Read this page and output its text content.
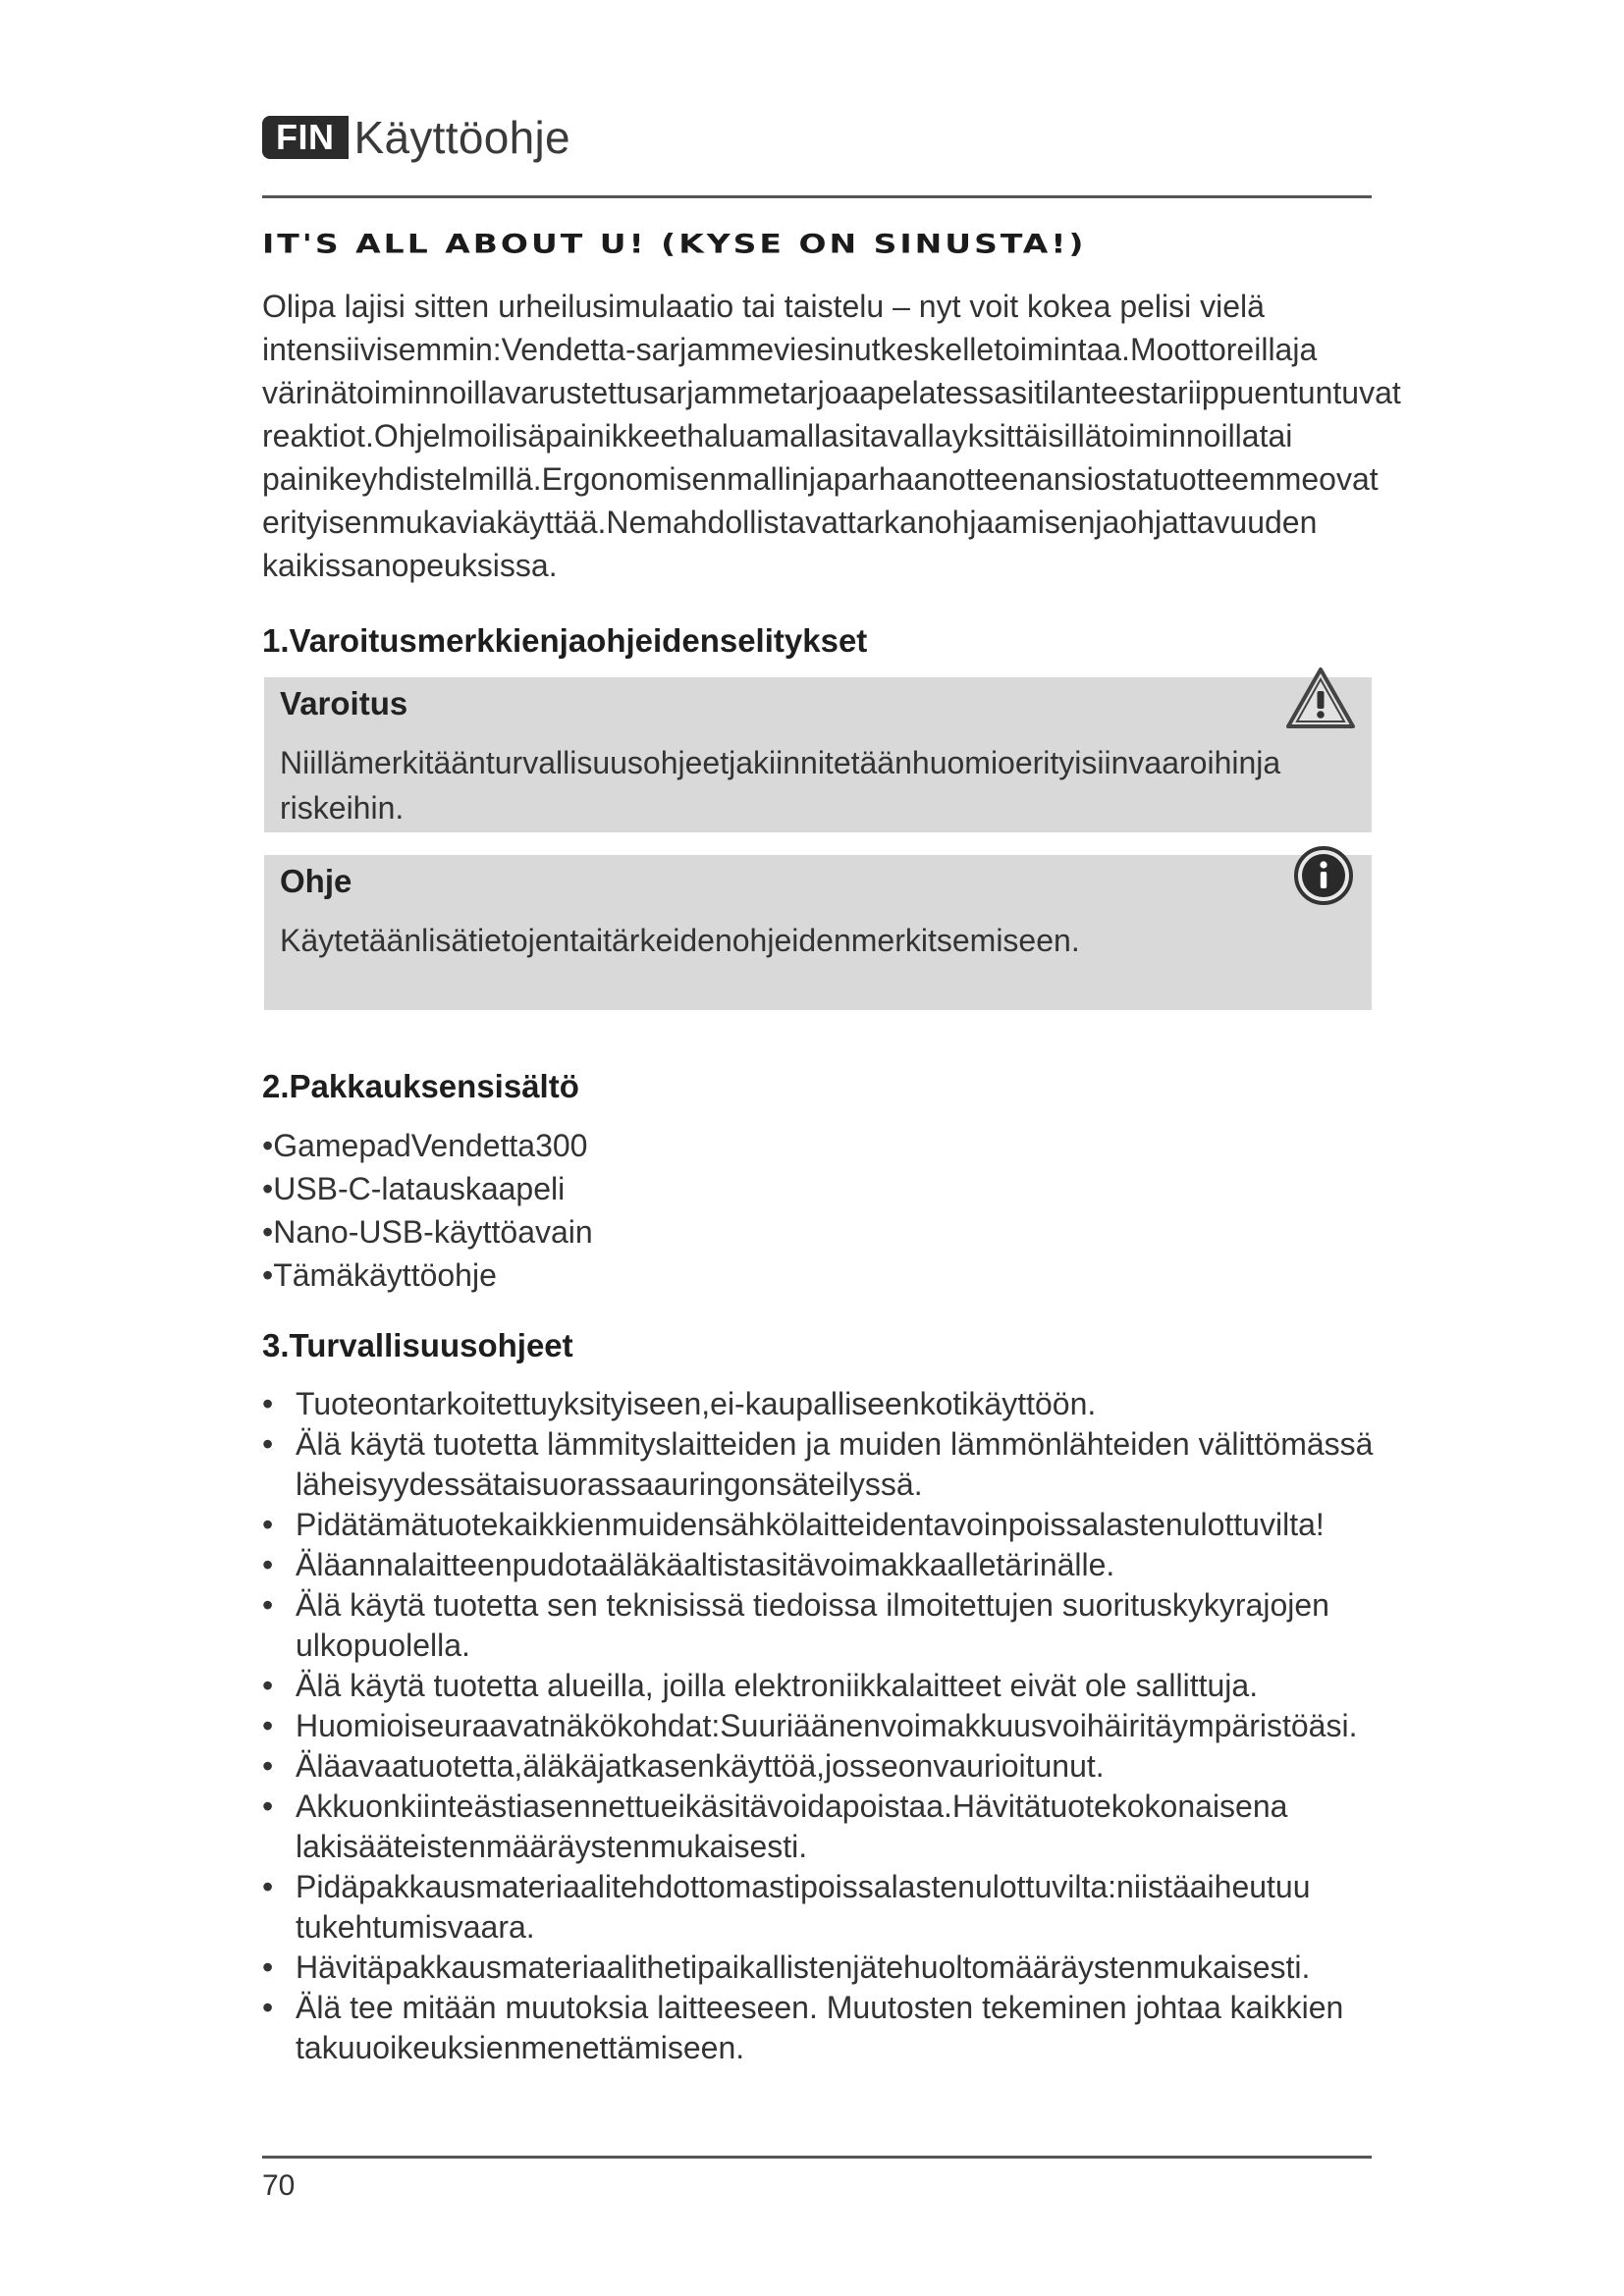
FIN Käyttöohje
IT'S ALL ABOUT U! (KYSE ON SINUSTA!)
Olipa lajisi sitten urheilusimulaatio tai taistelu – nyt voit kokea pelisi vielä
intensiivisemmin:Vendetta-sarjammeviesinutkeskelletoimintaa.Moottoreillaja
värinätoiminnoillavarustettusarjammetarjoaapelatessasitilanteestariippuentuntuvat
reaktiot.Ohjelmoilisäpainikkeethaluamallasitavallayksittäisillätoiminnoillatai
painikeyhdistelmillä.Ergonomisenmallinjaparhaanotteenansiostatuotteemmeovat
erityisenmukaviakäyttää.Nemahdollistavattarkanohjaamisenjaohjattavuuden
kaikissanopeuksissa.
1.Varoitusmerkkienjaohjeidenselitykset
Varoitus
Niillämerkitäänturvallisuusohjeetjakiinnitetäänhuomioerityisiinvaaroihinja
riskeihin.
Ohje
Käytetäänlisätietojentaitärkeidenohjeidenmerkitsemiseen.
2.Pakkauksensisältö
•GamepadVendetta300
•USB-C-latauskaapeli
•Nano-USB-käyttöavain
•Tämäkäyttöohje
3.Turvallisuusohjeet
• Tuoteontarkoitettuyksityiseen,ei-kaupalliseenkotikäyttöön.
• Älä käytä tuotetta lämmityslaitteiden ja muiden lämmönlähteiden välittömässä
läheisyydessätaisuorassaauringonsäteilyssä.
• Pidätämätuotekaikkienmuidensähkölaitteidentavoinpoissalastenulottuvilta!
• Äläannalaitteenpudotaäläkäaltistasitävoimakkaalletärinälle.
• Älä käytä tuotetta sen teknisissä tiedoissa ilmoitettujen suorituskykyrajojen
ulkopuolella.
• Älä käytä tuotetta alueilla, joilla elektroniikkalaitteet eivät ole sallittuja.
• Huomioiseuraavatnäkökohdat:Suuriäänenvoimakkuusvoihäiritäympäristöäsi.
• Äläavaatuotetta,äläkäjatkasenkäyttöä,josseonvaurioitunut.
• Akkuonkiinteästiasennettueikäsitävoidapoistaa.Hävitätuotekokonaisena
lakisääteistenmääräystenmukaisesti.
• Pidäpakkausmateriaalitehdottomastipoissalastenulottuvilta:niistäaiheutuu
tukehtumisvaara.
• Hävitäpakkausmateriaalithetipaikallistenjätehuoltomääräystenmukaisesti.
• Älä tee mitään muutoksia laitteeseen. Muutosten tekeminen johtaa kaikkien
takuuoikeuksienmenettämiseen.
70
